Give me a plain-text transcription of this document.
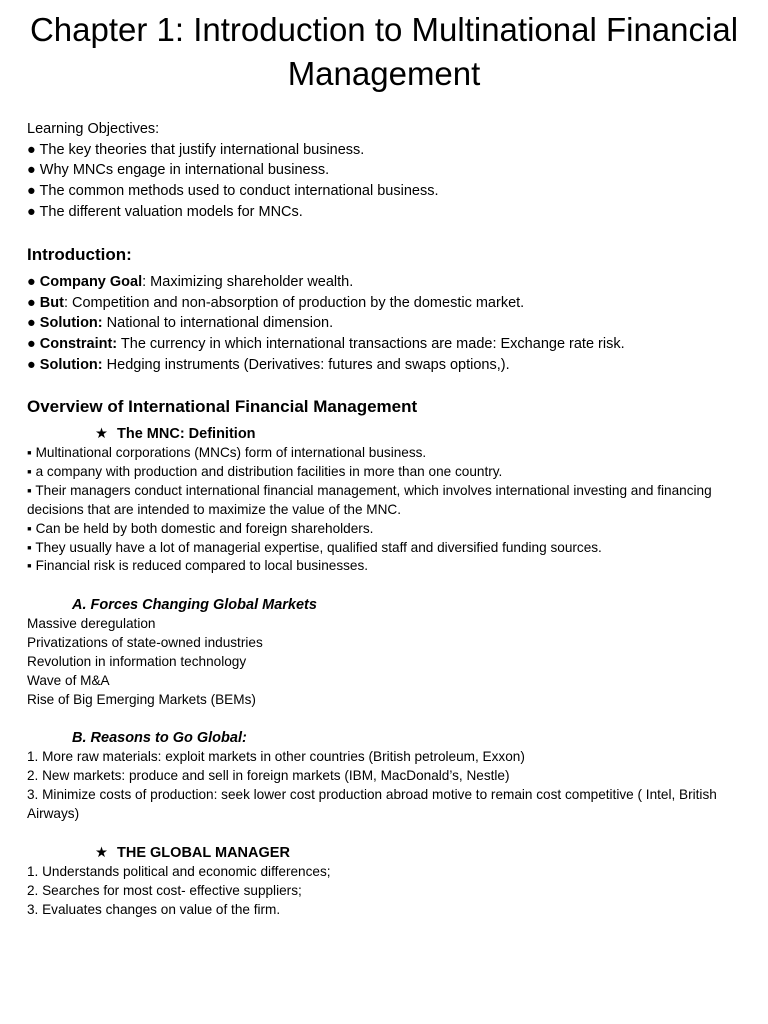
Chapter 1: Introduction to Multinational Financial Management
Learning Objectives:
● The key theories that justify international business.
● Why MNCs engage in international business.
● The common methods used to conduct international business.
● The different valuation models for MNCs.
Introduction:
● Company Goal: Maximizing shareholder wealth.
● But: Competition and non-absorption of production by the domestic market.
● Solution: National to international dimension.
● Constraint: The currency in which international transactions are made: Exchange rate risk.
● Solution: Hedging instruments (Derivatives: futures and swaps options,).
Overview of International Financial Management
★ The MNC: Definition
▪ Multinational corporations (MNCs) form of international business.
▪ a company with production and distribution facilities in more than one country.
▪ Their managers conduct international financial management, which involves international investing and financing
decisions that are intended to maximize the value of the MNC.
▪ Can be held by both domestic and foreign shareholders.
▪ They usually have a lot of managerial expertise, qualified staff and diversified funding sources.
▪ Financial risk is reduced compared to local businesses.
A. Forces Changing Global Markets
Massive deregulation
Privatizations of state-owned industries
Revolution in information technology
Wave of M&A
Rise of Big Emerging Markets (BEMs)
B. Reasons to Go Global:
1. More raw materials: exploit markets in other countries (British petroleum, Exxon)
2. New markets: produce and sell in foreign markets (IBM, MacDonald’s, Nestle)
3. Minimize costs of production: seek lower cost production abroad motive to remain cost competitive ( Intel, British
Airways)
★ THE GLOBAL MANAGER
1. Understands political and economic differences;
2. Searches for most cost- effective suppliers;
3. Evaluates changes on value of the firm.
